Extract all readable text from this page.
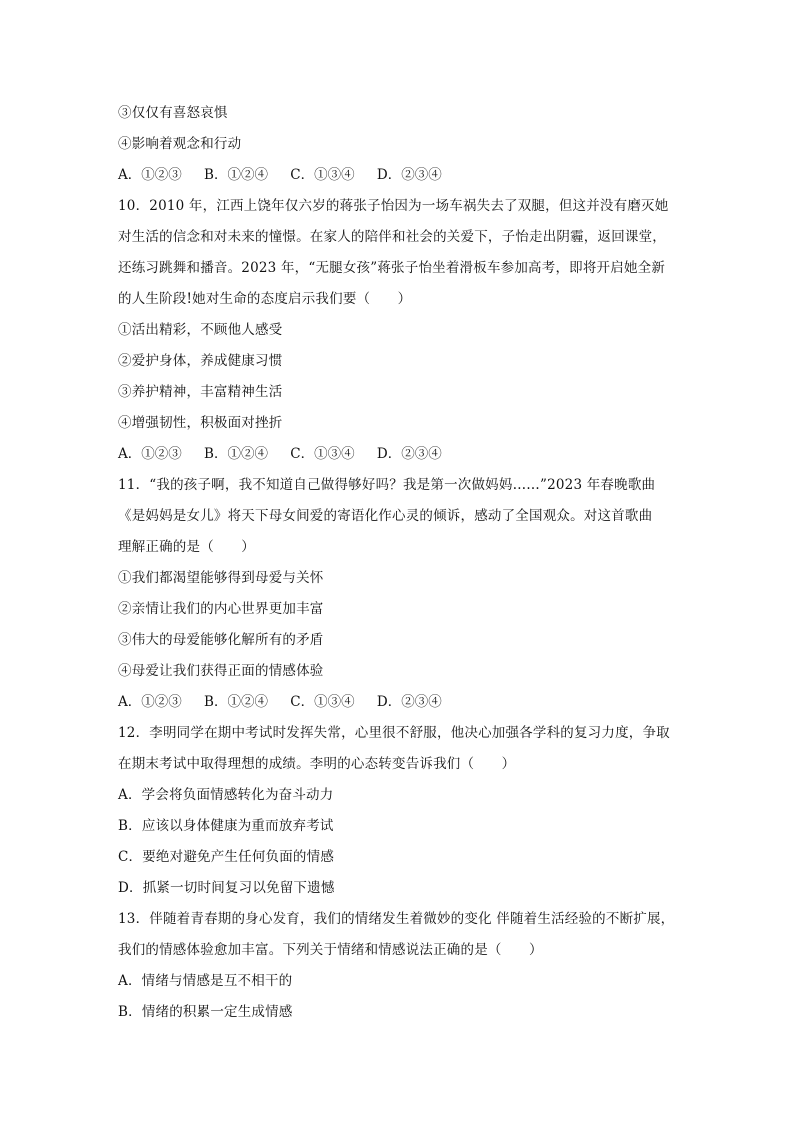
③仅仅有喜怒哀惧
④影响着观念和行动
A．①②③ B．①②④ C．①③④ D．②③④
10．2010 年，江西上饶年仅六岁的蒋张子怡因为一场车祸失去了双腿，但这并没有磨灭她
对生活的信念和对未来的憧憬。在家人的陪伴和社会的关爱下，子怡走出阴霾，返回课堂，
还练习跳舞和播音。2023 年，“无腿女孩”蒋张子怡坐着滑板车参加高考，即将开启她全新
的人生阶段!她对生命的态度启示我们要（　　）
①活出精彩，不顾他人感受
②爱护身体，养成健康习惯
③养护精神，丰富精神生活
④增强韧性，积极面对挫折
A．①②③ B．①②④ C．①③④ D．②③④
11．“我的孩子啊，我不知道自己做得够好吗？我是第一次做妈妈……”2023 年春晚歌曲
《是妈妈是女儿》将天下母女间爱的寄语化作心灵的倾诉，感动了全国观众。对这首歌曲
理解正确的是（　　）
①我们都渴望能够得到母爱与关怀
②亲情让我们的内心世界更加丰富
③伟大的母爱能够化解所有的矛盾
④母爱让我们获得正面的情感体验
A．①②③ B．①②④ C．①③④ D．②③④
12．李明同学在期中考试时发挥失常，心里很不舒服，他决心加强各学科的复习力度，争取
在期末考试中取得理想的成绩。李明的心态转变告诉我们（　　）
A．学会将负面情感转化为奋斗动力
B．应该以身体健康为重而放弃考试
C．要绝对避免产生任何负面的情感
D．抓紧一切时间复习以免留下遗憾
13．伴随着青春期的身心发育，我们的情绪发生着微妙的变化 伴随着生活经验的不断扩展，
我们的情感体验愈加丰富。下列关于情绪和情感说法正确的是（　　）
A．情绪与情感是互不相干的
B．情绪的积累一定生成情感
